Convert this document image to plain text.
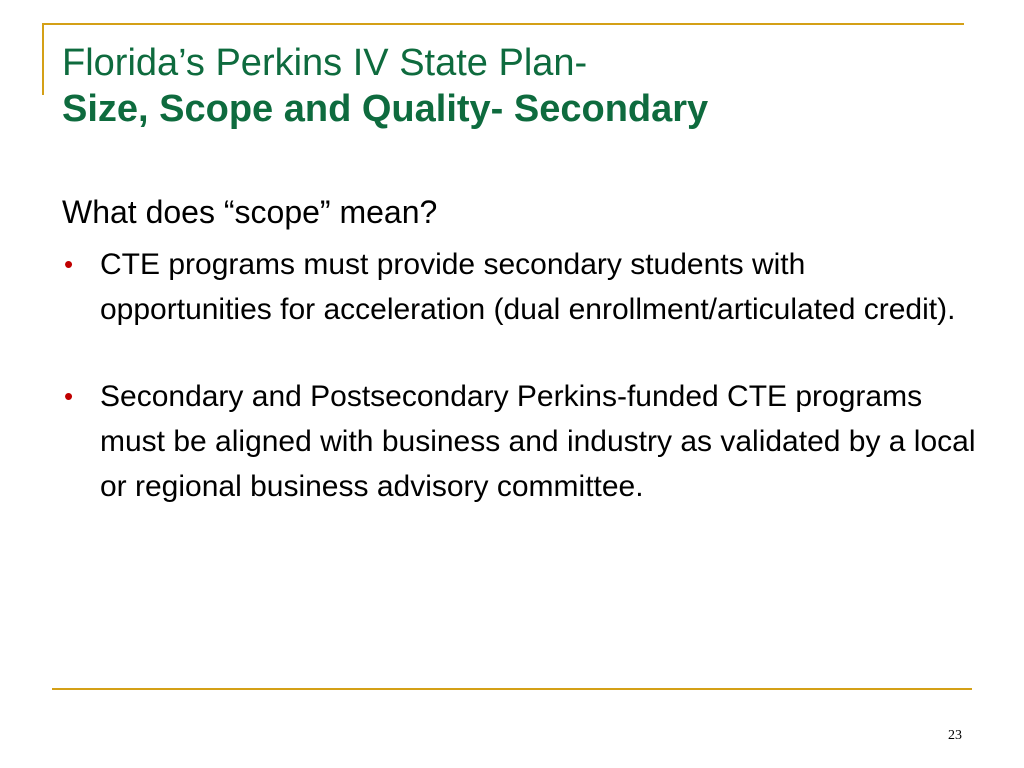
Florida’s Perkins IV State Plan-
Size, Scope and Quality- Secondary
What does “scope” mean?
• CTE programs must provide secondary students with opportunities for acceleration (dual enrollment/articulated credit).
• Secondary and Postsecondary Perkins-funded CTE programs must be aligned with business and industry as validated by a local or regional business advisory committee.
23
